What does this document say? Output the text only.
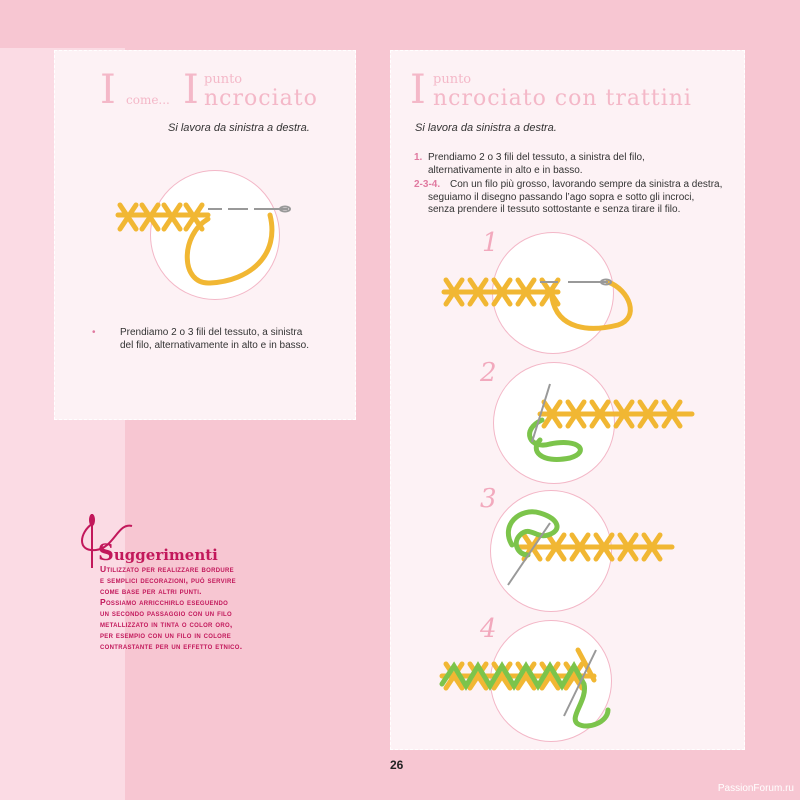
I come... I punto
ncrociato
Si lavora da sinistra a destra.
•	Prendiamo 2 o 3 fili del tessuto, a sinistra
del filo, alternativamente in alto e in basso.
I punto
ncrociato con trattini
Si lavora da sinistra a destra.
1. Prendiamo 2 o 3 fili del tessuto, a sinistra del filo,
alternativamente in alto e in basso.
2-3-4. Con un filo più grosso, lavorando sempre da sinistra a destra,
seguiamo il disegno passando l’ago sopra e sotto gli incroci,
senza prendere il tessuto sottostante e senza tirare il filo.
1
2
3
4
Suggerimenti
Utilizzato per realizzare bordure
e semplici decorazioni, può servire
come base per altri punti.
Possiamo arricchirlo eseguendo
un secondo passaggio con un filo
metallizzato in tinta o color oro,
per esempio con un filo in colore
contrastante per un effetto etnico.
26
PassionForum.ru
